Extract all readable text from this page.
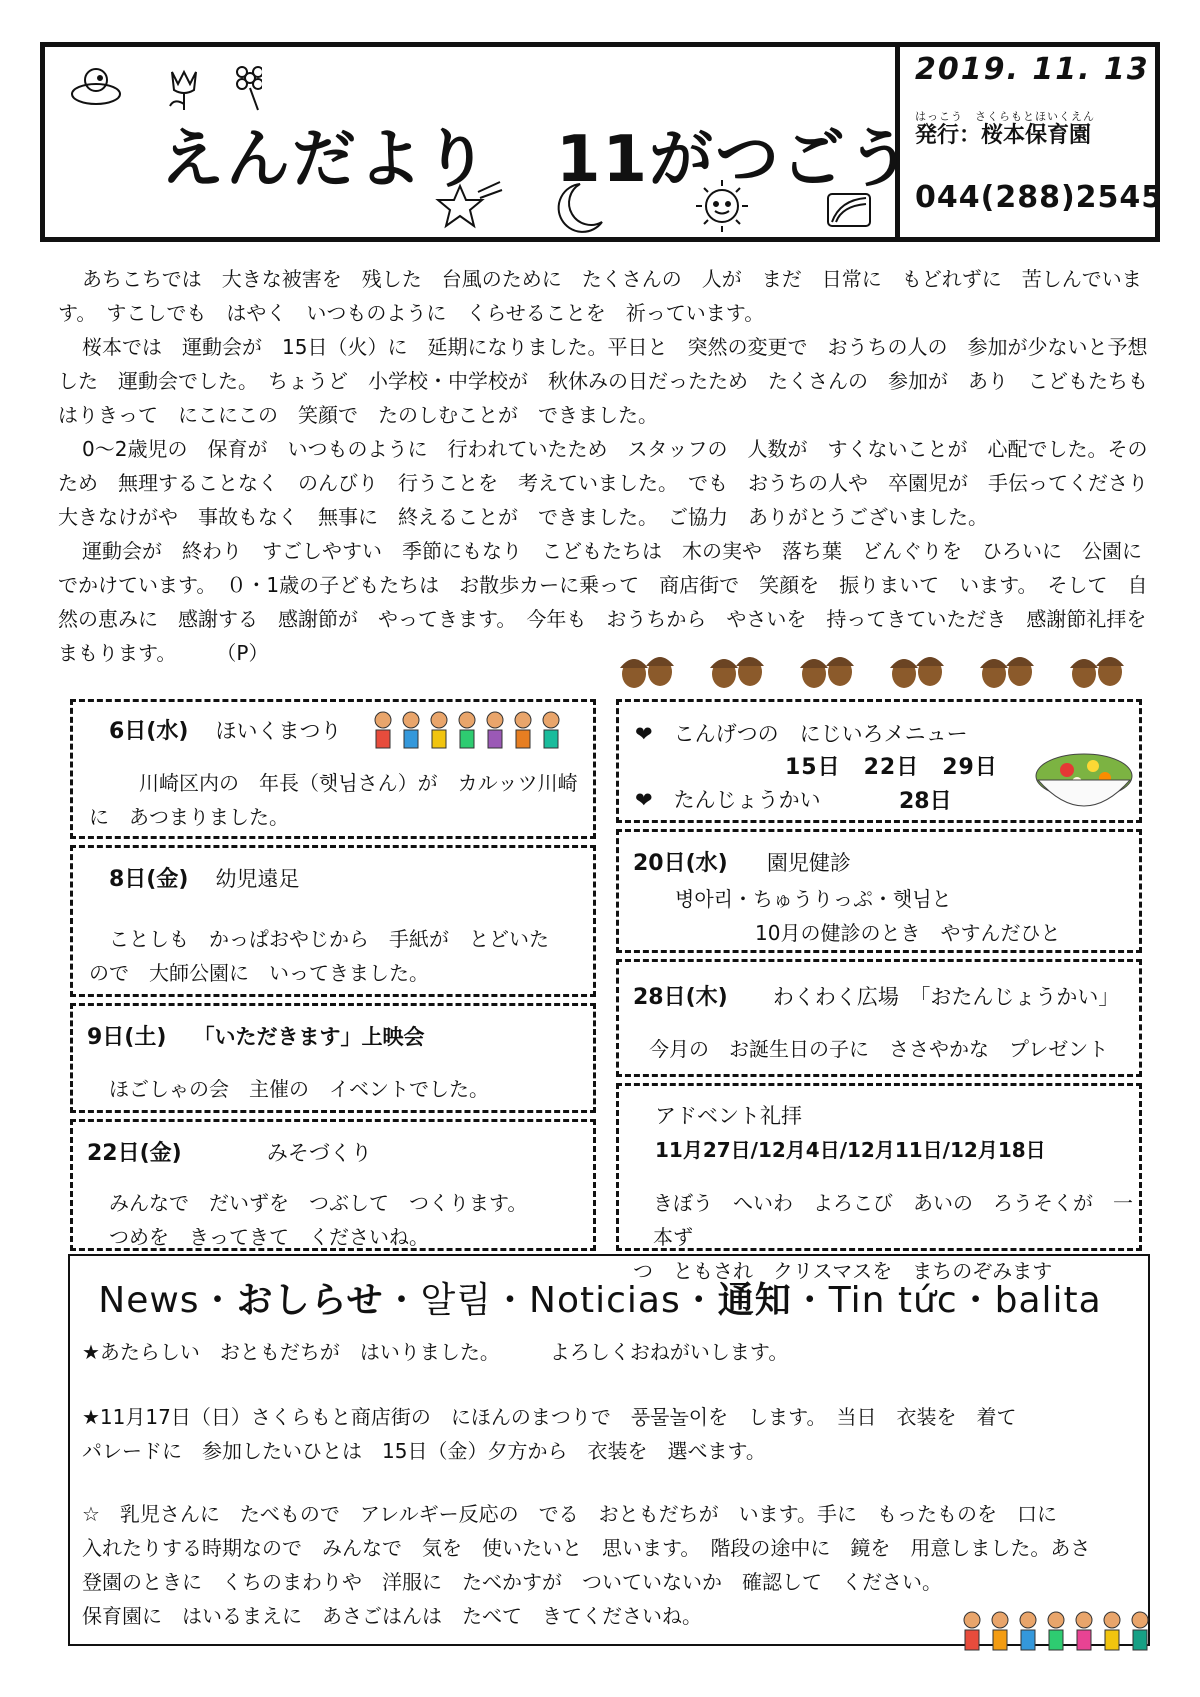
えんだより　11がつごう
2019. 11. 13
はっこう　さくらもとほいくえん
発行：桜本保育園
044(288)2545

あちこちでは　大きな被害を　残した　台風のために　たくさんの　人が　まだ　日常に　もどれずに　苦しんでいます。　すこしでも　はやく　いつものように　くらせることを　祈っています。

桜本では　運動会が　15日（火）に　延期になりました。平日と　突然の変更で　おうちの人の　参加が少ないと予想した　運動会でした。　ちょうど　小学校・中学校が　秋休みの日だったため　たくさんの　参加が　あり　こどもたちも　はりきって　にこにこの　笑顔で　たのしむことが　できました。

0～2歳児の　保育が　いつものように　行われていたため　スタッフの　人数が　すくないことが　心配でした。そのため　無理することなく　のんびり　行うことを　考えていました。　でも　おうちの人や　卒園児が　手伝ってくださり　大きなけがや　事故もなく　無事に　終えることが　できました。　ご協力　ありがとうございました。

運動会が　終わり　すごしやすい　季節にもなり　こどもたちは　木の実や　落ち葉　どんぐりを　ひろいに　公園にでかけています。　０・1歳の子どもたちは　お散歩カーに乗って　商店街で　笑顔を　振りまいて　います。　そして　自然の恵みに　感謝する　感謝節が　やってきます。　今年も　おうちから　やさいを　持ってきていただき　感謝節礼拝を　まもります。　　　（P）

6日(水) ほいくまつり
川崎区内の　年長（햇님さん）が　カルッツ川崎
に　あつまりました。
8日(金) 幼児遠足
ことしも　かっぱおやじから　手紙が　とどいた
ので　大師公園に　いってきました。
9日(土) 「いただきます」上映会
ほごしゃの会　主催の　イベントでした。
22日(金)	みそづくり
みんなで　だいずを　つぶして　つくります。
つめを　きってきて　くださいね。
❤　こんげつの　にじいろメニュー
15日　22日　29日
❤　たんじょうかい	28日
20日(水) 園児健診
병아리・ちゅうりっぷ・햇님と
10月の健診のとき　やすんだひと
28日(木) わくわく広場　「おたんじょうかい」
今月の　お誕生日の子に　ささやかな　プレゼント
アドベント礼拝
11月27日/12月4日/12月11日/12月18日
きぼう　へいわ　よろこび　あいの　ろうそくが　一本ず
つ　ともされ　クリスマスを　まちのぞみます
News・おしらせ・알림・Noticias・通知・Tin tức・balita

★あたらしい　おともだちが　はいりました。　　　よろしくおねがいします。

★11月17日（日）さくらもと商店街の　にほんのまつりで　풍물놀이を　します。　当日　衣装を　着て

パレードに　参加したいひとは　15日（金）夕方から　衣装を　選べます。

☆　乳児さんに　たべもので　アレルギー反応の　でる　おともだちが　います。手に　もったものを　口に

入れたりする時期なので　みんなで　気を　使いたいと　思います。　階段の途中に　鏡を　用意しました。あさ

登園のときに　くちのまわりや　洋服に　たべかすが　ついていないか　確認して　ください。

保育園に　はいるまえに　あさごはんは　たべて　きてくださいね。
